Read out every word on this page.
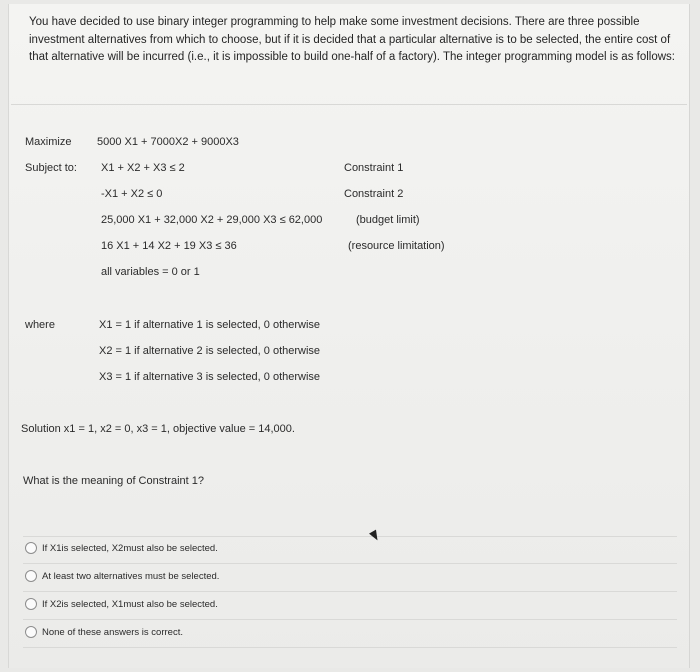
You have decided to use binary integer programming to help make some investment decisions. There are three possible investment alternatives from which to choose, but if it is decided that a particular alternative is to be selected, the entire cost of that alternative will be incurred (i.e., it is impossible to build one-half of a factory). The integer programming model is as follows:
Maximize 5000 X1 + 7000X2 + 9000X3
Subject to: X1 + X2 + X3 ≤ 2	Constraint 1
-X1 + X2 ≤ 0	Constraint 2
25,000 X1 + 32,000 X2 + 29,000 X3 ≤ 62,000	(budget limit)
16 X1 + 14 X2 + 19 X3 ≤ 36	(resource limitation)
all variables = 0 or 1
where	X1 = 1 if alternative 1 is selected, 0 otherwise
X2 = 1 if alternative 2 is selected, 0 otherwise
X3 = 1 if alternative 3 is selected, 0 otherwise
Solution x1 = 1, x2 = 0, x3 = 1, objective value = 14,000.
What is the meaning of Constraint 1?
If X1is selected, X2must also be selected.
At least two alternatives must be selected.
If X2is selected, X1must also be selected.
None of these answers is correct.
